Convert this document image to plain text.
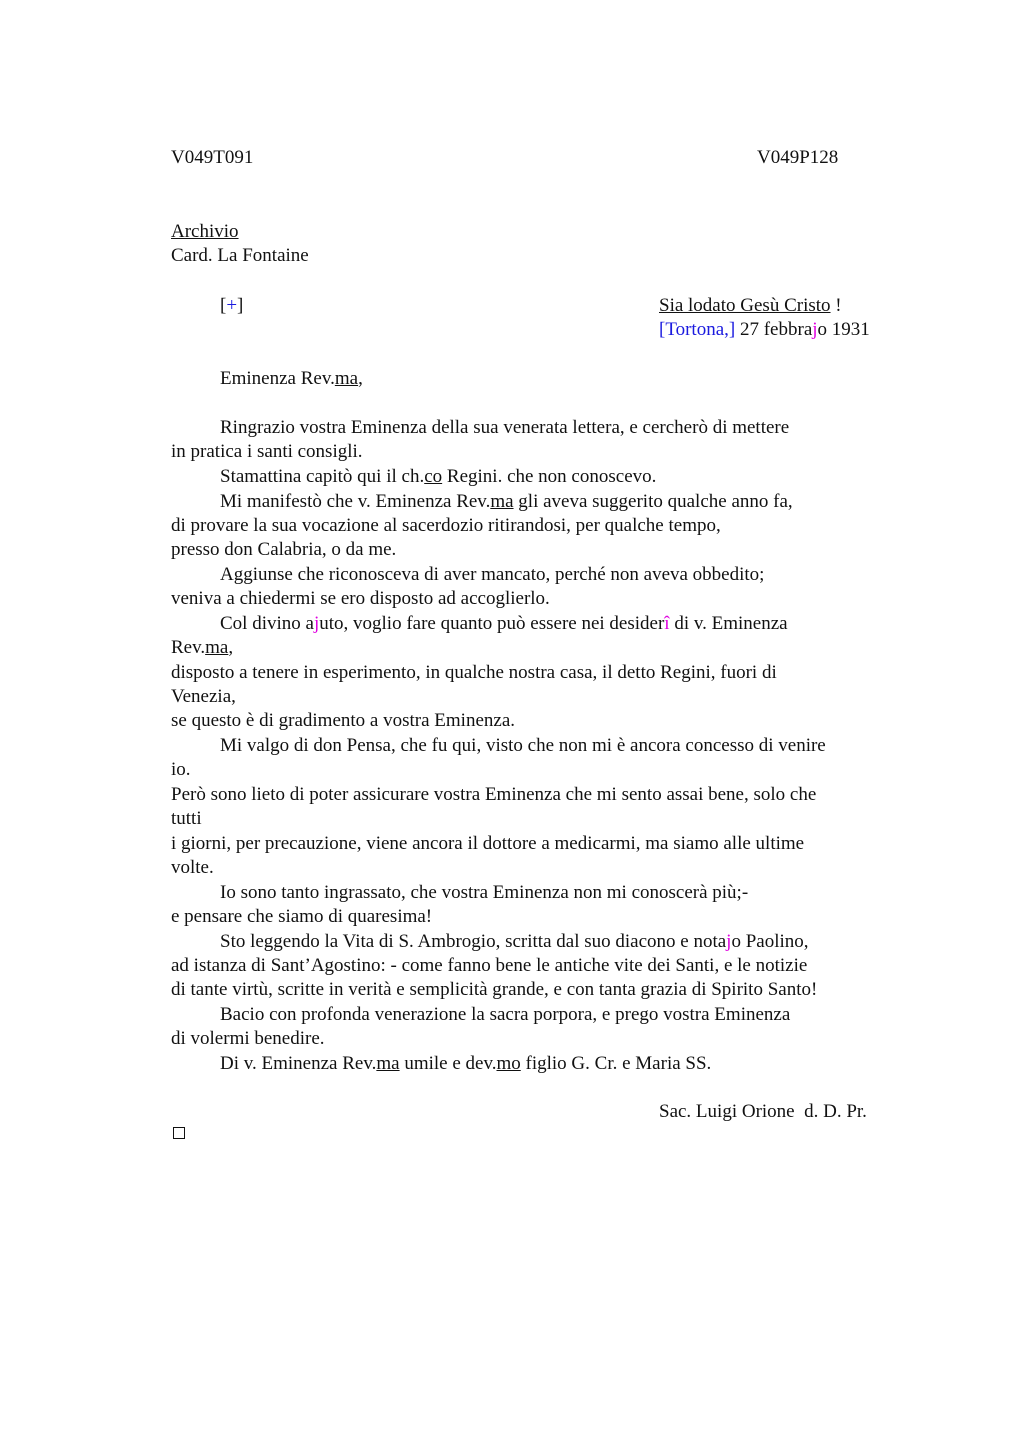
V049T091	V049P128
Archivio
Card. La Fontaine
[+]	Sia lodato Gesù Cristo !
[Tortona,] 27 febbrajo 1931
Eminenza Rev.ma,
Ringrazio vostra Eminenza della sua venerata lettera, e cercherò di mettere
in pratica i santi consigli.
Stamattina capitò qui il ch.co Regini. che non conoscevo.
Mi manifestò che v. Eminenza Rev.ma gli aveva suggerito qualche anno fa,
di provare la sua vocazione al sacerdozio ritirandosi, per qualche tempo,
presso don Calabria, o da me.
Aggiunse che riconosceva di aver mancato, perché non aveva obbedito;
veniva a chiedermi se ero disposto ad accoglierlo.
Col divino ajuto, voglio fare quanto può essere nei desiderî di v. Eminenza
Rev.ma,
disposto a tenere in esperimento, in qualche nostra casa, il detto Regini, fuori di
Venezia,
se questo è di gradimento a vostra Eminenza.
Mi valgo di don Pensa, che fu qui, visto che non mi è ancora concesso di venire
io.
Però sono lieto di poter assicurare vostra Eminenza che mi sento assai bene, solo che
tutti
i giorni, per precauzione, viene ancora il dottore a medicarmi, ma siamo alle ultime
volte.
Io sono tanto ingrassato, che vostra Eminenza non mi conoscerà più;-
e pensare che siamo di quaresima!
Sto leggendo la Vita di S. Ambrogio, scritta dal suo diacono e notajo Paolino,
ad istanza di Sant’Agostino: - come fanno bene le antiche vite dei Santi, e le notizie
di tante virtù, scritte in verità e semplicità grande, e con tanta grazia di Spirito Santo!
Bacio con profonda venerazione la sacra porpora, e prego vostra Eminenza
di volermi benedire.
Di v. Eminenza Rev.ma umile e dev.mo figlio G. Cr. e Maria SS.
Sac. Luigi Orione  d. D. Pr.
